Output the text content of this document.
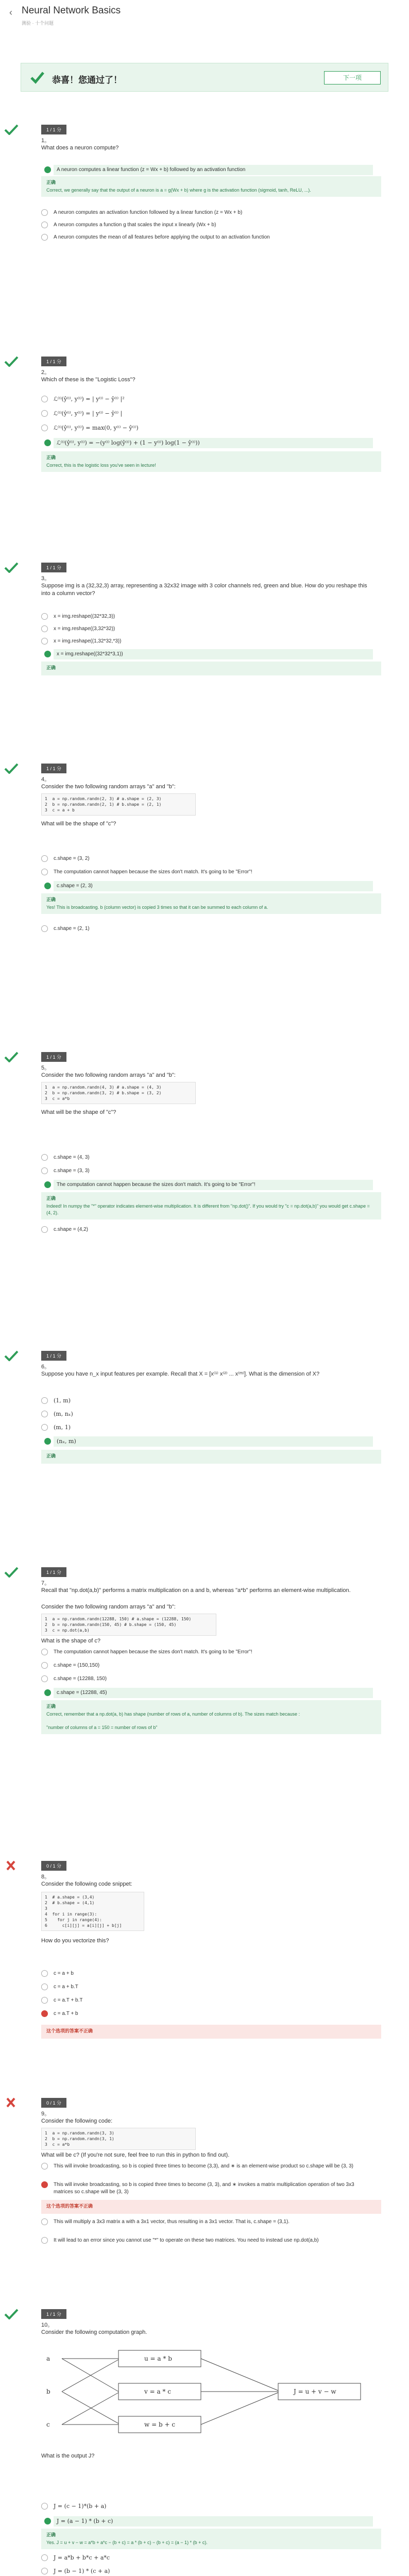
‹ Neural Network Basics
测验 · 十个问题
恭喜！您通过了！	下一项
1 / 1 分
1。
What does a neuron compute?
A neuron computes a linear function (z = Wx + b) followed by an activation function
正确
Correct, we generally say that the output of a neuron is a = g(Wx + b) where g is the activation function (sigmoid, tanh, ReLU, ...).
A neuron computes an activation function followed by a linear function (z = Wx + b)
A neuron computes a function g that scales the input x linearly (Wx + b)
A neuron computes the mean of all features before applying the output to an activation function
1 / 1 分
2。
Which of these is the "Logistic Loss"?
ℒ⁽ⁱ⁾(ŷ⁽ⁱ⁾, y⁽ⁱ⁾) = | y⁽ⁱ⁾ − ŷ⁽ⁱ⁾ |²
ℒ⁽ⁱ⁾(ŷ⁽ⁱ⁾, y⁽ⁱ⁾) = | y⁽ⁱ⁾ − ŷ⁽ⁱ⁾ |
ℒ⁽ⁱ⁾(ŷ⁽ⁱ⁾, y⁽ⁱ⁾) = max(0, y⁽ⁱ⁾ − ŷ⁽ⁱ⁾)
ℒ⁽ⁱ⁾(ŷ⁽ⁱ⁾, y⁽ⁱ⁾) = −(y⁽ⁱ⁾ log(ŷ⁽ⁱ⁾) + (1 − y⁽ⁱ⁾) log(1 − ŷ⁽ⁱ⁾))
正确
Correct, this is the logistic loss you've seen in lecture!
1 / 1 分
3。
Suppose img is a (32,32,3) array, representing a 32x32 image with 3 color channels red, green and blue. How do you reshape this into a column vector?
x = img.reshape((32*32,3))
x = img.reshape((3,32*32))
x = img.reshape((1,32*32,*3))
x = img.reshape((32*32*3,1))
正确
1 / 1 分
4。
Consider the two following random arrays "a" and "b":
1  a = np.random.randn(2, 3) # a.shape = (2, 3)
2  b = np.random.randn(2, 1) # b.shape = (2, 1)
3  c = a + b
What will be the shape of "c"?
c.shape = (3, 2)
The computation cannot happen because the sizes don't match. It's going to be "Error"!
c.shape = (2, 3)
正确
Yes! This is broadcasting. b (column vector) is copied 3 times so that it can be summed to each column of a.
c.shape = (2, 1)
1 / 1 分
5。
Consider the two following random arrays "a" and "b":
1  a = np.random.randn(4, 3) # a.shape = (4, 3)
2  b = np.random.randn(3, 2) # b.shape = (3, 2)
3  c = a*b
What will be the shape of "c"?
c.shape = (4, 3)
c.shape = (3, 3)
The computation cannot happen because the sizes don't match. It's going to be "Error"!
正确
Indeed! In numpy the "*" operator indicates element-wise multiplication. It is different from "np.dot()". If you would try "c = np.dot(a,b)" you would get c.shape = (4, 2).
c.shape = (4,2)
1 / 1 分
6。
Suppose you have n_x input features per example. Recall that X = [x⁽¹⁾ x⁽²⁾ ... x⁽ᵐ⁾]. What is the dimension of X?
(1, m)
(m, nₓ)
(m, 1)
(nₓ, m)
正确
1 / 1 分
7。
Recall that "np.dot(a,b)" performs a matrix multiplication on a and b, whereas "a*b" performs an element-wise multiplication.
Consider the two following random arrays "a" and "b":
1  a = np.random.randn(12288, 150) # a.shape = (12288, 150)
2  b = np.random.randn(150, 45) # b.shape = (150, 45)
3  c = np.dot(a,b)
What is the shape of c?
The computation cannot happen because the sizes don't match. It's going to be "Error"!
c.shape = (150,150)
c.shape = (12288, 150)
c.shape = (12288, 45)
正确
Correct, remember that a np.dot(a, b) has shape (number of rows of a, number of columns of b). The sizes match because :

"number of columns of a = 150 = number of rows of b"
0 / 1 分
8。
Consider the following code snippet:
1  # a.shape = (3,4)
2  # b.shape = (4,1)
3
4  for i in range(3):
5    for j in range(4):
6      c[i][j] = a[i][j] + b[j]
How do you vectorize this?
c = a + b
c = a + b.T
c = a.T + b.T
c = a.T + b
这个选项的答案不正确
0 / 1 分
9。
Consider the following code:
1  a = np.random.randn(3, 3)
2  b = np.random.randn(3, 1)
3  c = a*b
What will be c? (If you're not sure, feel free to run this in python to find out).
This will invoke broadcasting, so b is copied three times to become (3,3), and ∗ is an element-wise product so c.shape will be (3, 3)
This will invoke broadcasting, so b is copied three times to become (3, 3), and ∗ invokes a matrix multiplication operation of two 3x3 matrices so c.shape will be (3, 3)
这个选项的答案不正确
This will multiply a 3x3 matrix a with a 3x1 vector, thus resulting in a 3x1 vector. That is, c.shape = (3,1).
It will lead to an error since you cannot use "*" to operate on these two matrices. You need to instead use np.dot(a,b)
1 / 1 分
10。
Consider the following computation graph.
a
b
c
u = a * b
v = a * c
w = b + c
J = u + v − w
What is the output J?
J = (c − 1)*(b + a)
J = (a − 1) * (b + c)
正确
Yes. J = u + v − w = a*b + a*c − (b + c) = a * (b + c) − (b + c) = (a − 1) * (b + c).
J = a*b + b*c + a*c
J = (b − 1) * (c + a)
